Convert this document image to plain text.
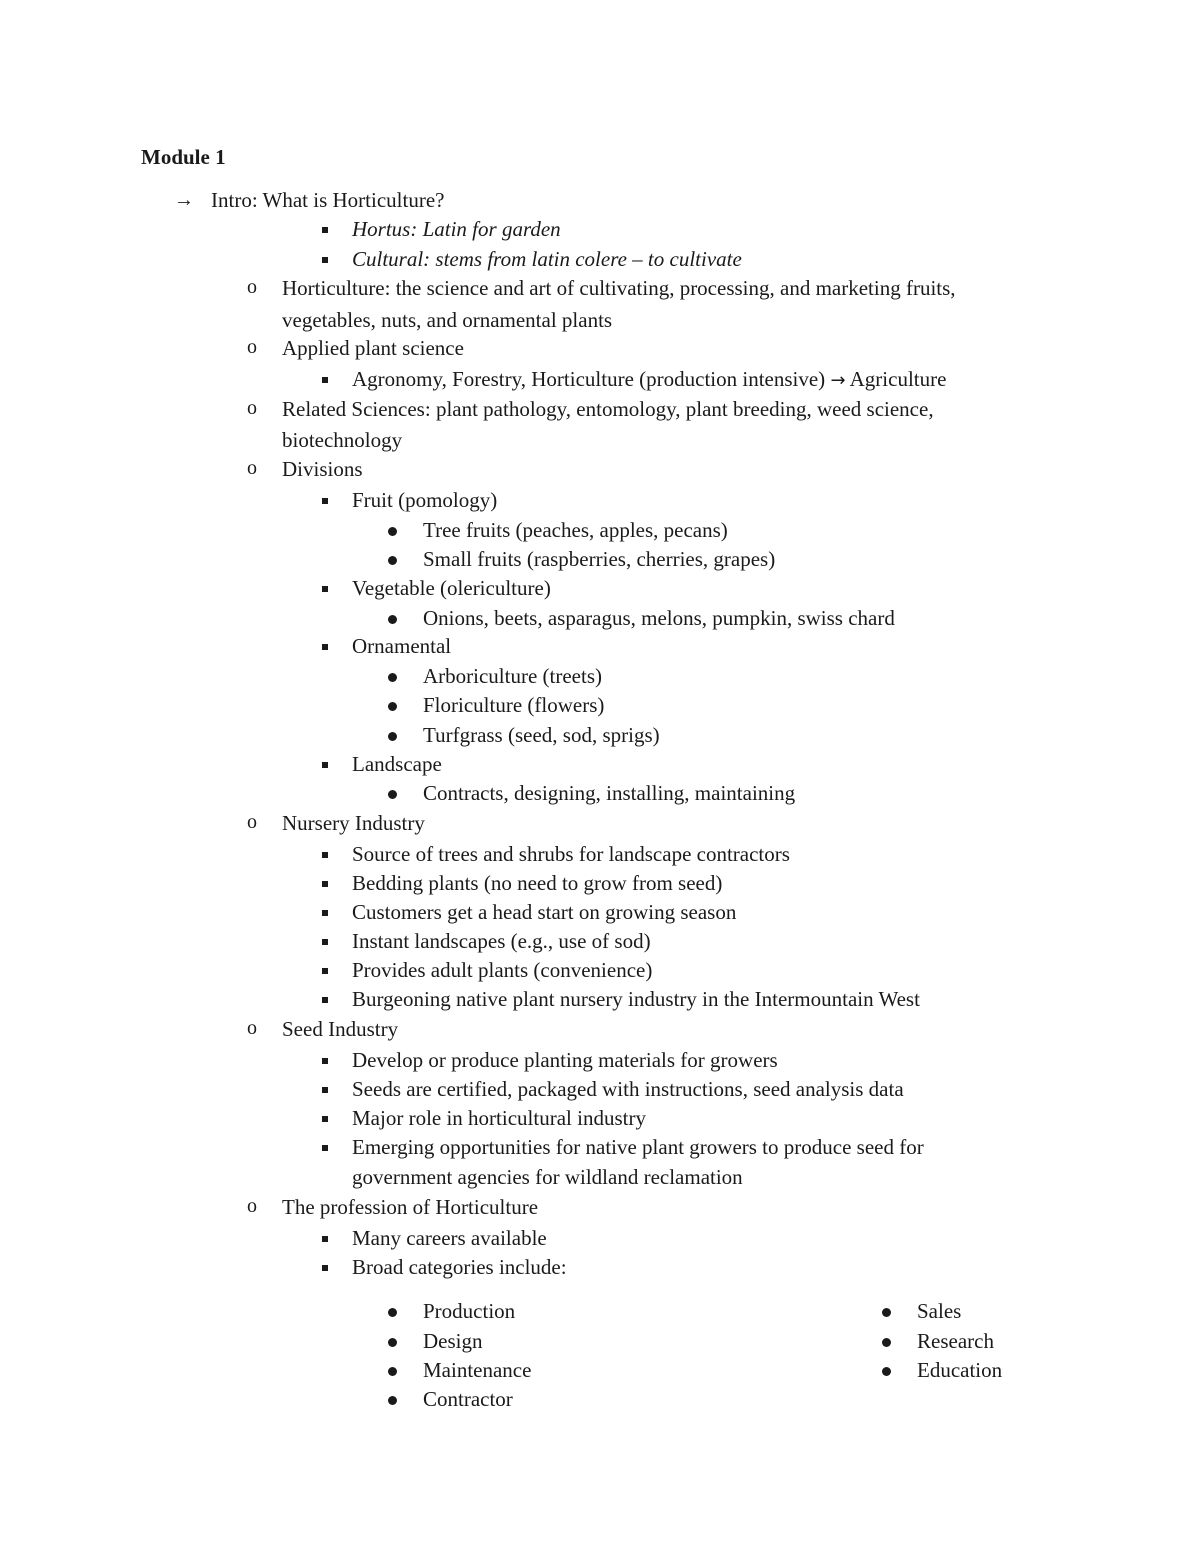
Module 1
→ Intro: What is Horticulture?
Hortus: Latin for garden
Cultural: stems from latin colere – to cultivate
o Horticulture: the science and art of cultivating, processing, and marketing fruits,
vegetables, nuts, and ornamental plants
o Applied plant science
Agronomy, Forestry, Horticulture (production intensive) → Agriculture
o Related Sciences: plant pathology, entomology, plant breeding, weed science,
biotechnology
o Divisions
Fruit (pomology)
Tree fruits (peaches, apples, pecans)
Small fruits (raspberries, cherries, grapes)
Vegetable (olericulture)
Onions, beets, asparagus, melons, pumpkin, swiss chard
Ornamental
Arboriculture (treets)
Floriculture (flowers)
Turfgrass (seed, sod, sprigs)
Landscape
Contracts, designing, installing, maintaining
o Nursery Industry
Source of trees and shrubs for landscape contractors
Bedding plants (no need to grow from seed)
Customers get a head start on growing season
Instant landscapes (e.g., use of sod)
Provides adult plants (convenience)
Burgeoning native plant nursery industry in the Intermountain West
o Seed Industry
Develop or produce planting materials for growers
Seeds are certified, packaged with instructions, seed analysis data
Major role in horticultural industry
Emerging opportunities for native plant growers to produce seed for
government agencies for wildland reclamation
o The profession of Horticulture
Many careers available
Broad categories include:
Production
Design
Maintenance
Contractor
Sales
Research
Education
